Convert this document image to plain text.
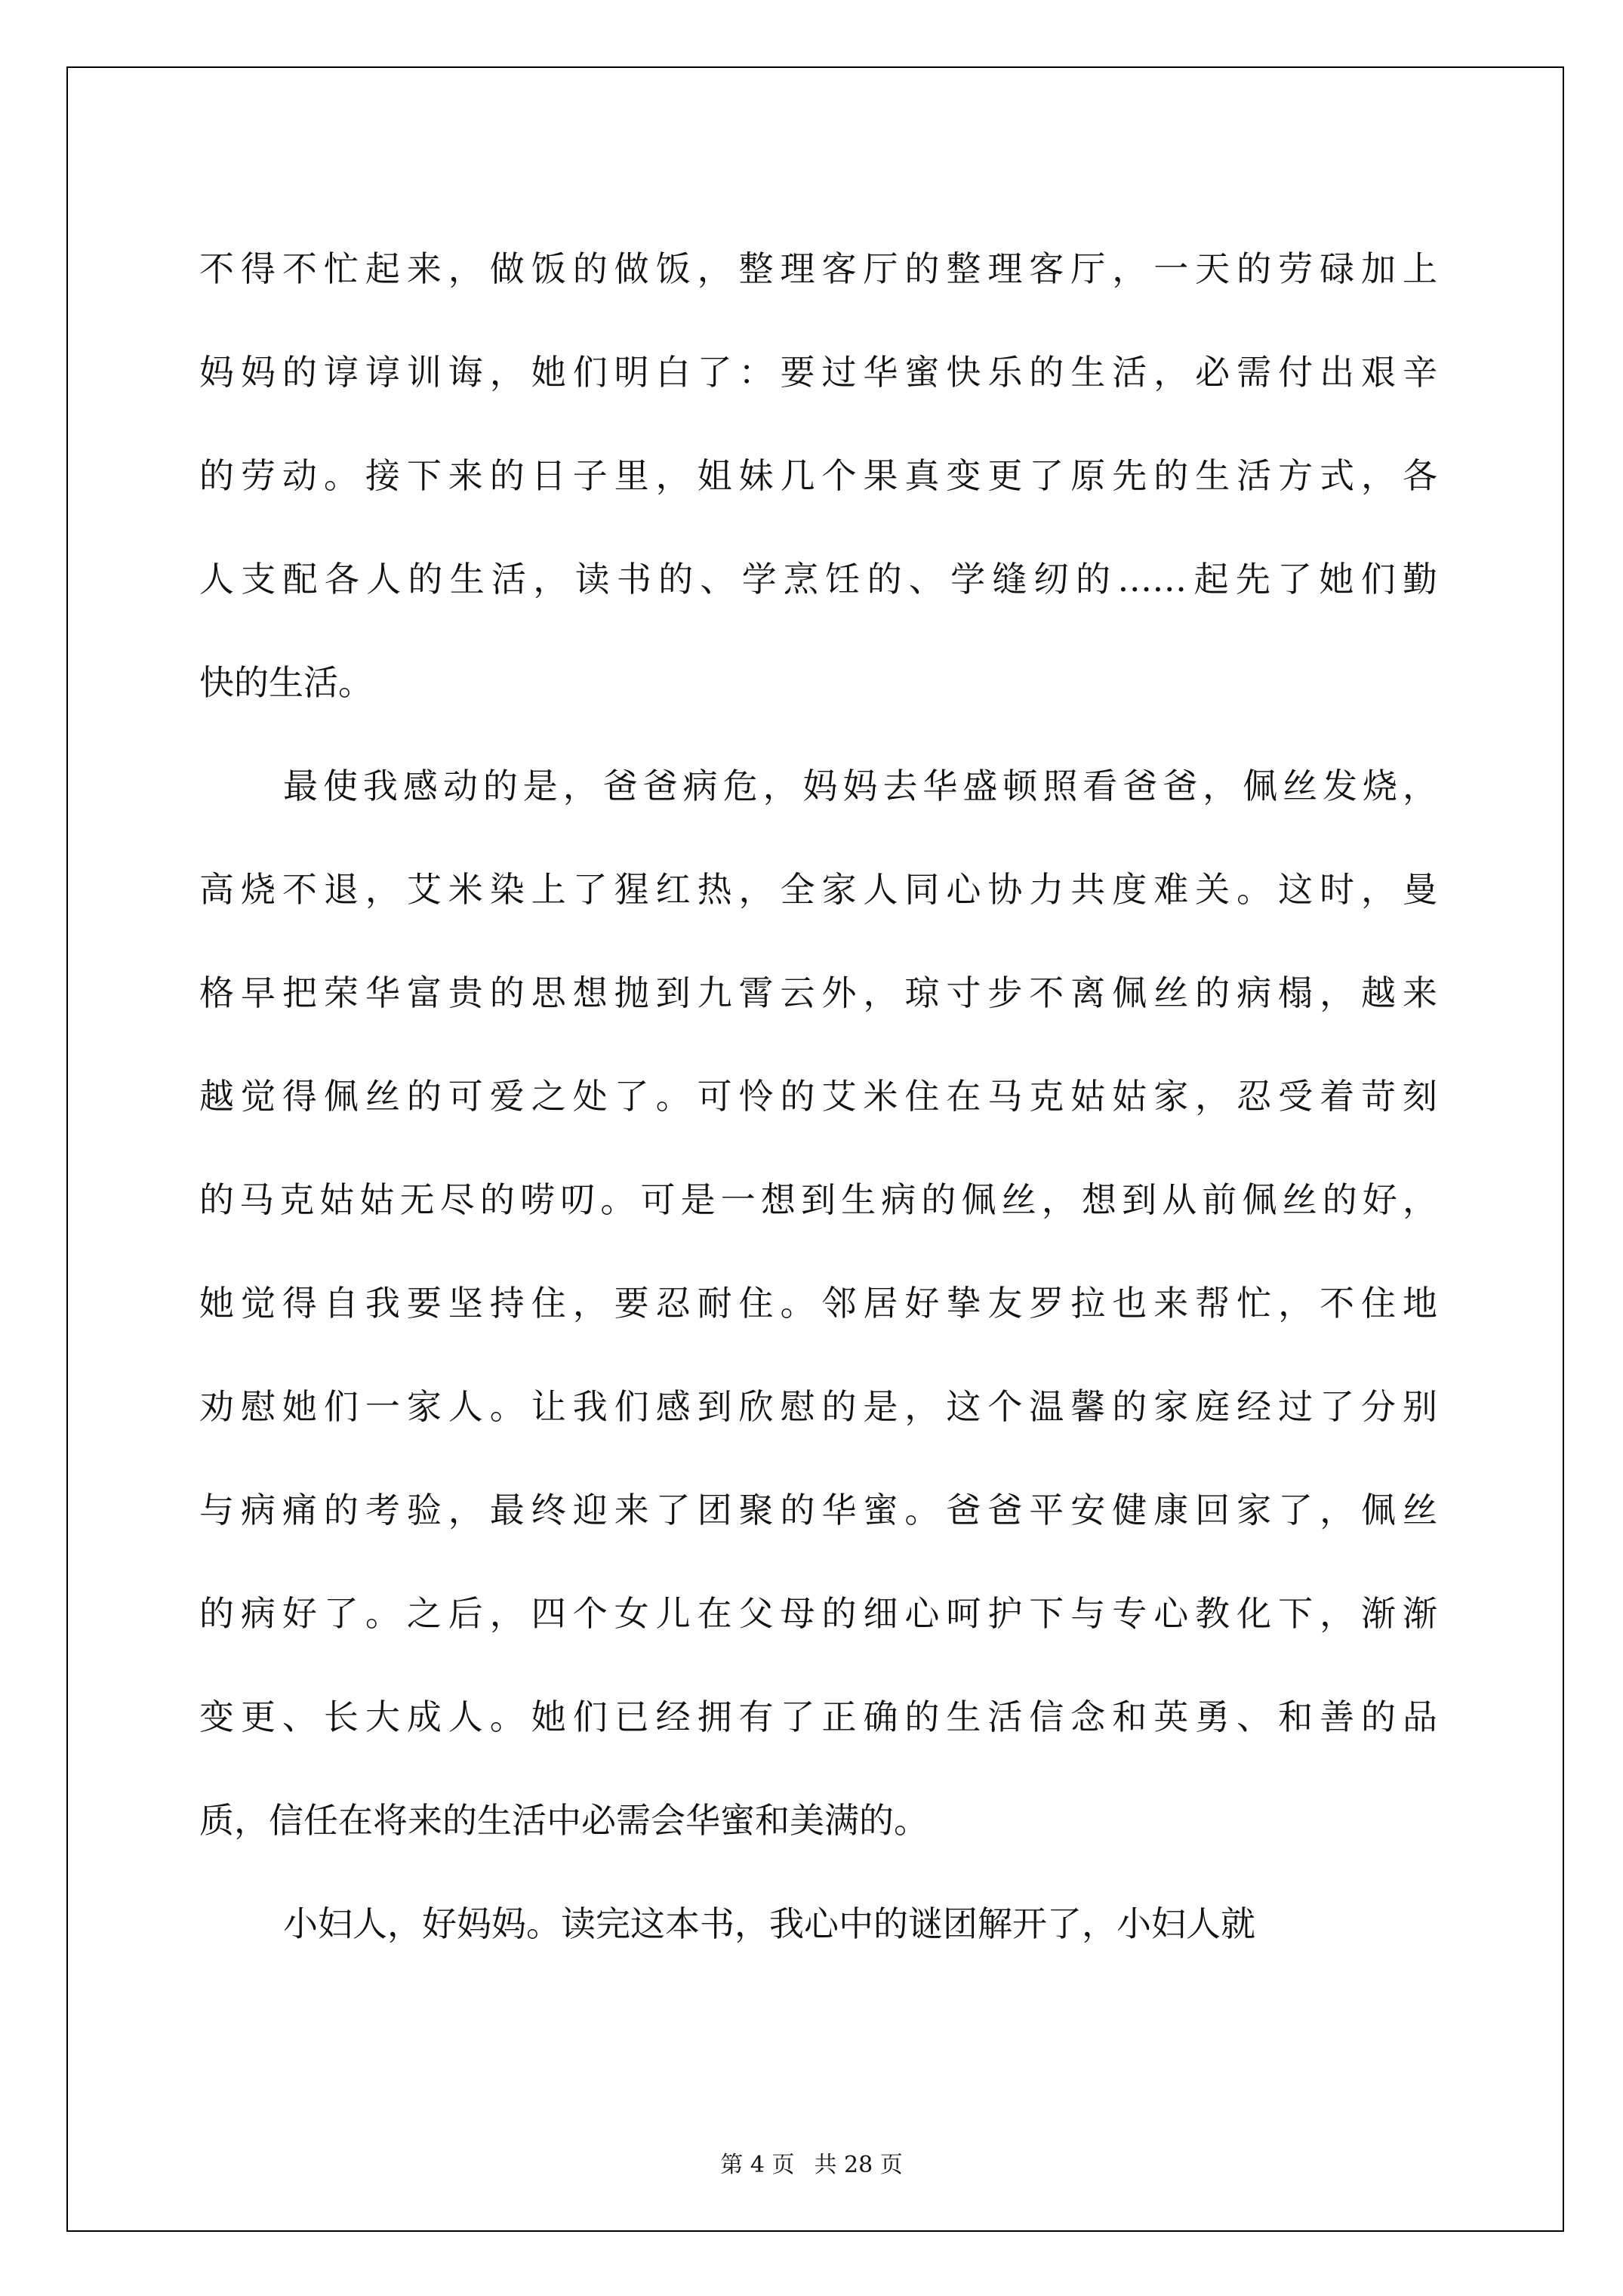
不得不忙起来，做饭的做饭，整理客厅的整理客厅，一天的劳碌加上
妈妈的谆谆训诲，她们明白了：要过华蜜快乐的生活，必需付出艰辛
的劳动。接下来的日子里，姐妹几个果真变更了原先的生活方式，各
人支配各人的生活，读书的、学烹饪的、学缝纫的……起先了她们勤
快的生活。
最使我感动的是，爸爸病危，妈妈去华盛顿照看爸爸，佩丝发烧，
高烧不退，艾米染上了猩红热，全家人同心协力共度难关。这时，曼
格早把荣华富贵的思想抛到九霄云外，琼寸步不离佩丝的病榻，越来
越觉得佩丝的可爱之处了。可怜的艾米住在马克姑姑家，忍受着苛刻
的马克姑姑无尽的唠叨。可是一想到生病的佩丝，想到从前佩丝的好，
她觉得自我要坚持住，要忍耐住。邻居好挚友罗拉也来帮忙，不住地
劝慰她们一家人。让我们感到欣慰的是，这个温馨的家庭经过了分别
与病痛的考验，最终迎来了团聚的华蜜。爸爸平安健康回家了，佩丝
的病好了。之后，四个女儿在父母的细心呵护下与专心教化下，渐渐
变更、长大成人。她们已经拥有了正确的生活信念和英勇、和善的品
质，信任在将来的生活中必需会华蜜和美满的。
小妇人，好妈妈。读完这本书，我心中的谜团解开了，小妇人就
第 4 页 共 28 页
